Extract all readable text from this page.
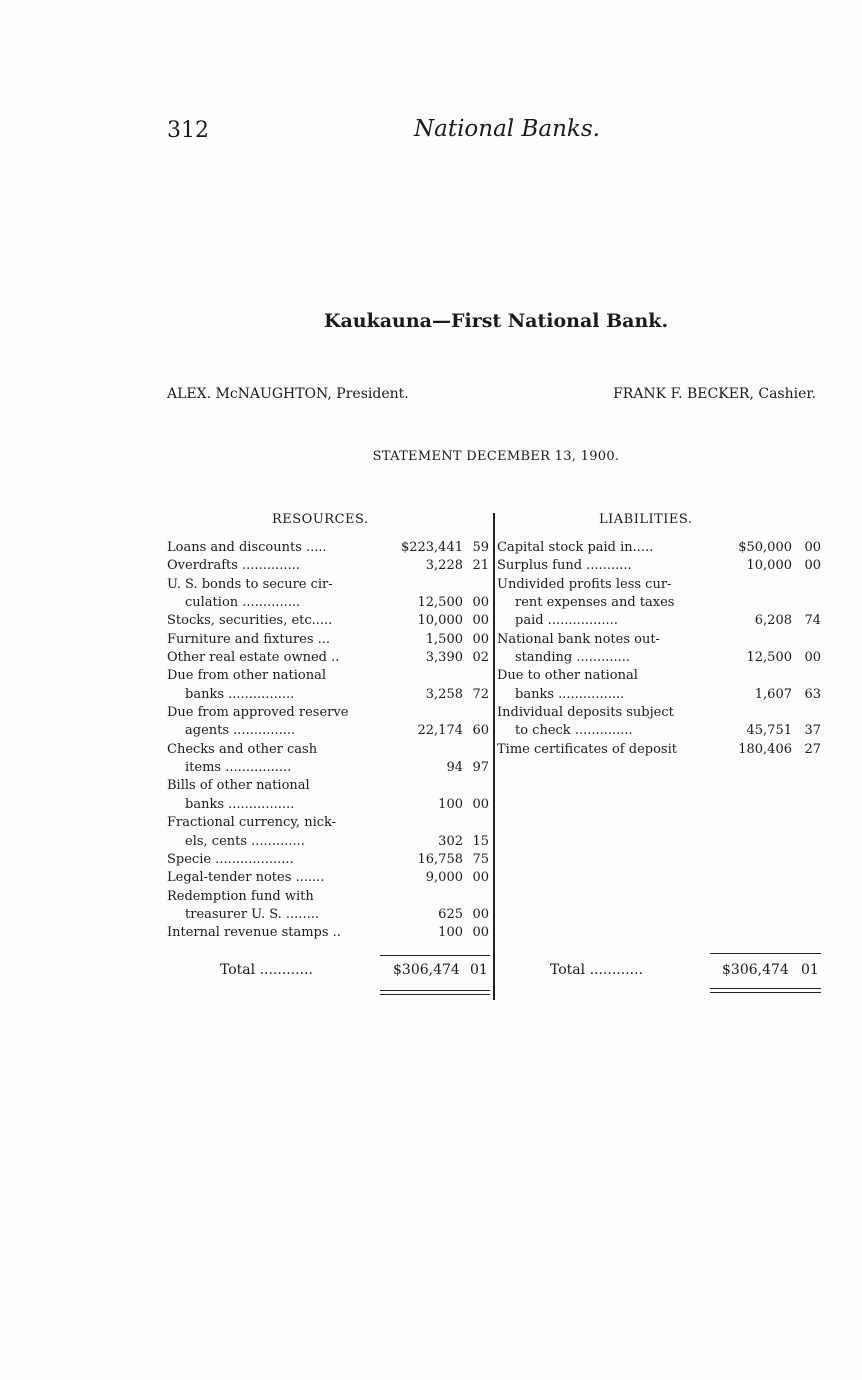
312	National Banks.
Kaukauna—First National Bank.
ALEX. McNAUGHTON, President.	FRANK F. BECKER, Cashier.
STATEMENT DECEMBER 13, 1900.
RESOURCES.	LIABILITIES.
Loans and discounts .....	$223,441 59
Overdrafts ..............	3,228 21
U. S. bonds to secure cir-
culation ..............	12,500 00
Stocks, securities, etc.....	10,000 00
Furniture and fixtures ...	1,500 00
Other real estate owned ..	3,390 02
Due from other national
banks ................	3,258 72
Due from approved reserve
agents ...............	22,174 60
Checks and other cash
items ................	94 97
Bills of other national
banks ................	100 00
Fractional currency, nick-
els, cents .............	302 15
Specie ...................	16,758 75
Legal-tender notes .......	9,000 00
Redemption fund with
treasurer U. S. ........	625 00
Internal revenue stamps ..	100 00
Capital stock paid in.....	$50,000 00
Surplus fund ...........	10,000 00
Undivided profits less cur-
rent expenses and taxes
paid .................	6,208 74
National bank notes out-
standing .............	12,500 00
Due to other national
banks ................	1,607 63
Individual deposits subject
to check ..............	45,751 37
Time certificates of deposit	180,406 27
Total ............	$306,474 01	Total ............	$306,474 01
